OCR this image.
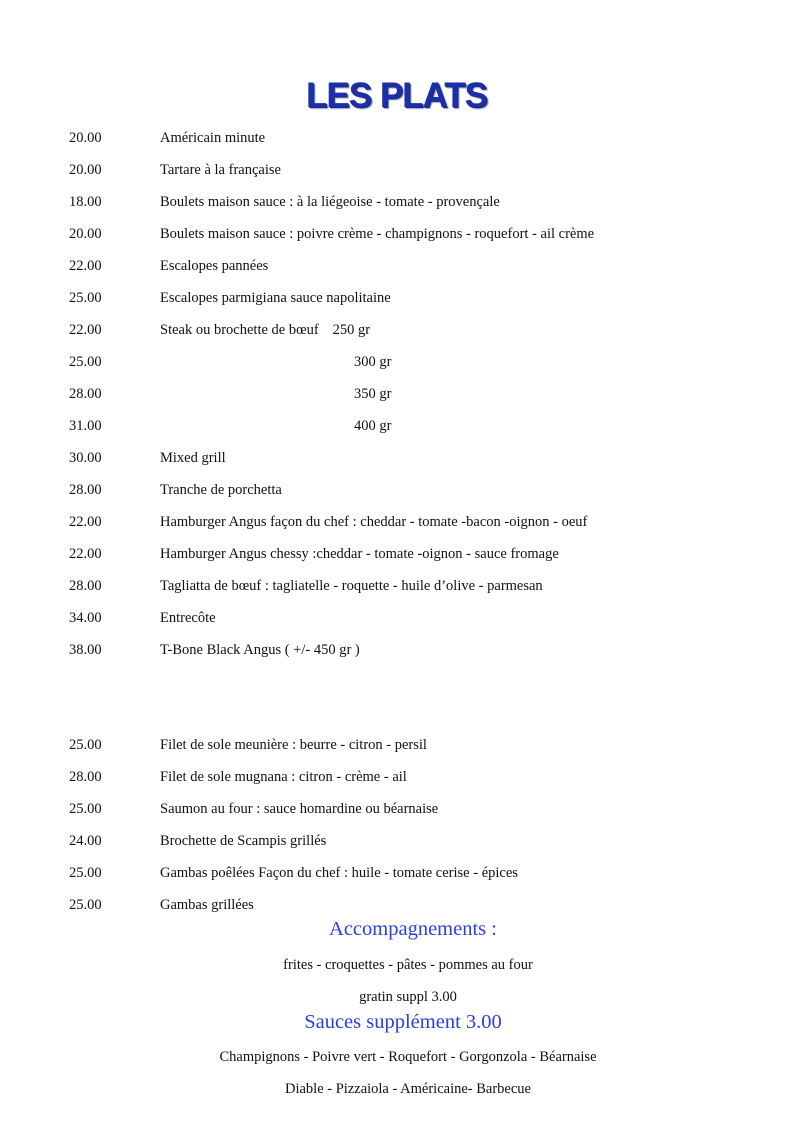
LES PLATS
20.00	Américain minute
20.00	Tartare à la française
18.00	Boulets maison sauce : à la liégeoise - tomate - provençale
20.00	Boulets maison sauce : poivre crème - champignons - roquefort - ail crème
22.00	Escalopes pannées
25.00	Escalopes parmigiana sauce napolitaine
22.00	Steak ou brochette de bœuf 250 gr
25.00	300 gr
28.00	350 gr
31.00	400 gr
30.00	Mixed grill
28.00	Tranche de porchetta
22.00	Hamburger Angus façon du chef : cheddar - tomate -bacon -oignon - oeuf
22.00	Hamburger Angus chessy :cheddar - tomate -oignon - sauce fromage
28.00	Tagliatta de bœuf : tagliatelle - roquette - huile d’olive - parmesan
34.00	Entrecôte
38.00	T-Bone Black Angus ( +/- 450 gr )
25.00	Filet de sole meunière : beurre - citron - persil
28.00	Filet de sole mugnana : citron - crème - ail
25.00	Saumon au four : sauce homardine ou béarnaise
24.00	Brochette de Scampis grillés
25.00	Gambas poêlées Façon du chef : huile - tomate cerise - épices
25.00	Gambas grillées
Accompagnements :

frites - croquettes - pâtes - pommes au four

gratin suppl 3.00

Sauces supplément 3.00

Champignons - Poivre vert - Roquefort - Gorgonzola - Béarnaise

Diable - Pizzaiola - Américaine- Barbecue
